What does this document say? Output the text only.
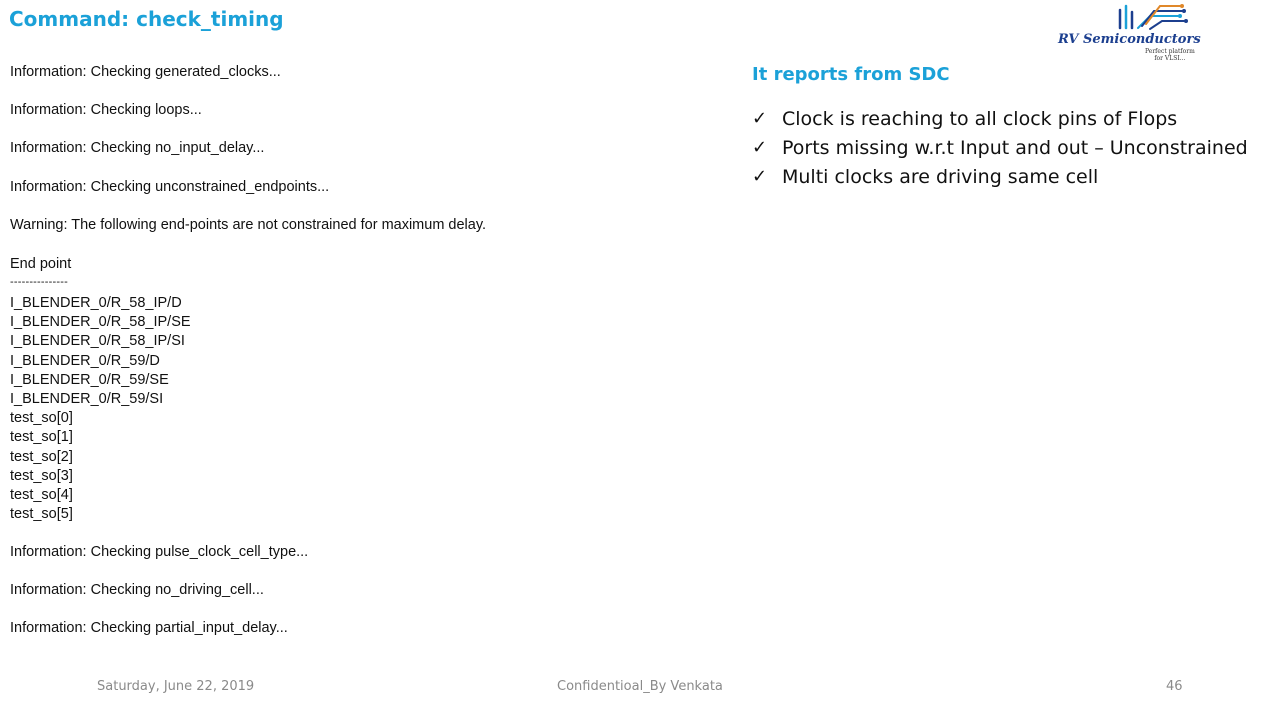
Command: check_timing
Information: Checking generated_clocks...
Information: Checking loops...
Information: Checking no_input_delay...
Information: Checking unconstrained_endpoints...
Warning: The following end-points are not constrained for maximum delay.
End point
Information: Checking pulse_clock_cell_type...
Information: Checking no_driving_cell...
Information: Checking partial_input_delay...
---------------
I_BLENDER_0/R_58_IP/D
I_BLENDER_0/R_58_IP/SE
I_BLENDER_0/R_58_IP/SI
I_BLENDER_0/R_59/D
I_BLENDER_0/R_59/SE
I_BLENDER_0/R_59/SI
test_so[0]
test_so[1]
test_so[2]
test_so[3]
test_so[4]
test_so[5]
It reports from SDC
✓ Clock is reaching to all clock pins of Flops
✓ Ports missing w.r.t Input and out – Unconstrained
✓ Multi clocks are driving same cell
RV Semiconductors
Perfect platform
for VLSI...
Saturday, June 22, 2019	Confidentioal_By Venkata	46
